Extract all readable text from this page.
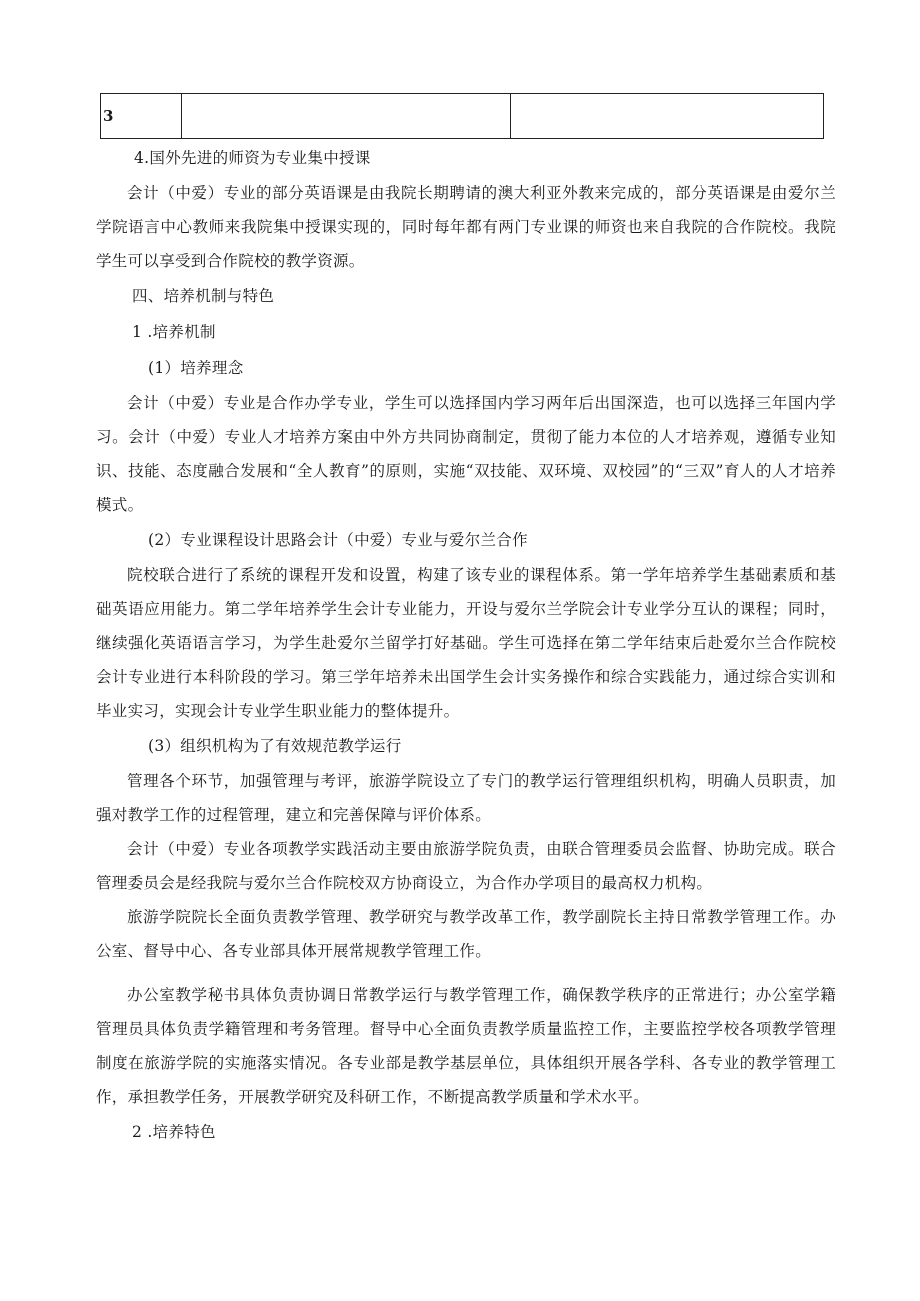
3		

4.国外先进的师资为专业集中授课

会计（中爱）专业的部分英语课是由我院长期聘请的澳大利亚外教来完成的，部分英语课是由爱尔兰学院语言中心教师来我院集中授课实现的，同时每年都有两门专业课的师资也来自我院的合作院校。我院学生可以享受到合作院校的教学资源。

四、培养机制与特色

1 .培养机制

(1）培养理念

会计（中爱）专业是合作办学专业，学生可以选择国内学习两年后出国深造，也可以选择三年国内学习。会计（中爱）专业人才培养方案由中外方共同协商制定，贯彻了能力本位的人才培养观，遵循专业知识、技能、态度融合发展和“全人教育”的原则，实施“双技能、双环境、双校园”的“三双”育人的人才培养模式。

(2）专业课程设计思路会计（中爱）专业与爱尔兰合作

院校联合进行了系统的课程开发和设置，构建了该专业的课程体系。第一学年培养学生基础素质和基础英语应用能力。第二学年培养学生会计专业能力，开设与爱尔兰学院会计专业学分互认的课程；同时，继续强化英语语言学习，为学生赴爱尔兰留学打好基础。学生可选择在第二学年结束后赴爱尔兰合作院校会计专业进行本科阶段的学习。第三学年培养未出国学生会计实务操作和综合实践能力，通过综合实训和毕业实习，实现会计专业学生职业能力的整体提升。

(3）组织机构为了有效规范教学运行

管理各个环节，加强管理与考评，旅游学院设立了专门的教学运行管理组织机构，明确人员职责，加强对教学工作的过程管理，建立和完善保障与评价体系。

会计（中爱）专业各项教学实践活动主要由旅游学院负责，由联合管理委员会监督、协助完成。联合管理委员会是经我院与爱尔兰合作院校双方协商设立，为合作办学项目的最高权力机构。

旅游学院院长全面负责教学管理、教学研究与教学改革工作，教学副院长主持日常教学管理工作。办公室、督导中心、各专业部具体开展常规教学管理工作。

办公室教学秘书具体负责协调日常教学运行与教学管理工作，确保教学秩序的正常进行；办公室学籍管理员具体负责学籍管理和考务管理。督导中心全面负责教学质量监控工作，主要监控学校各项教学管理制度在旅游学院的实施落实情况。各专业部是教学基层单位，具体组织开展各学科、各专业的教学管理工作，承担教学任务，开展教学研究及科研工作，不断提高教学质量和学术水平。

2 .培养特色
